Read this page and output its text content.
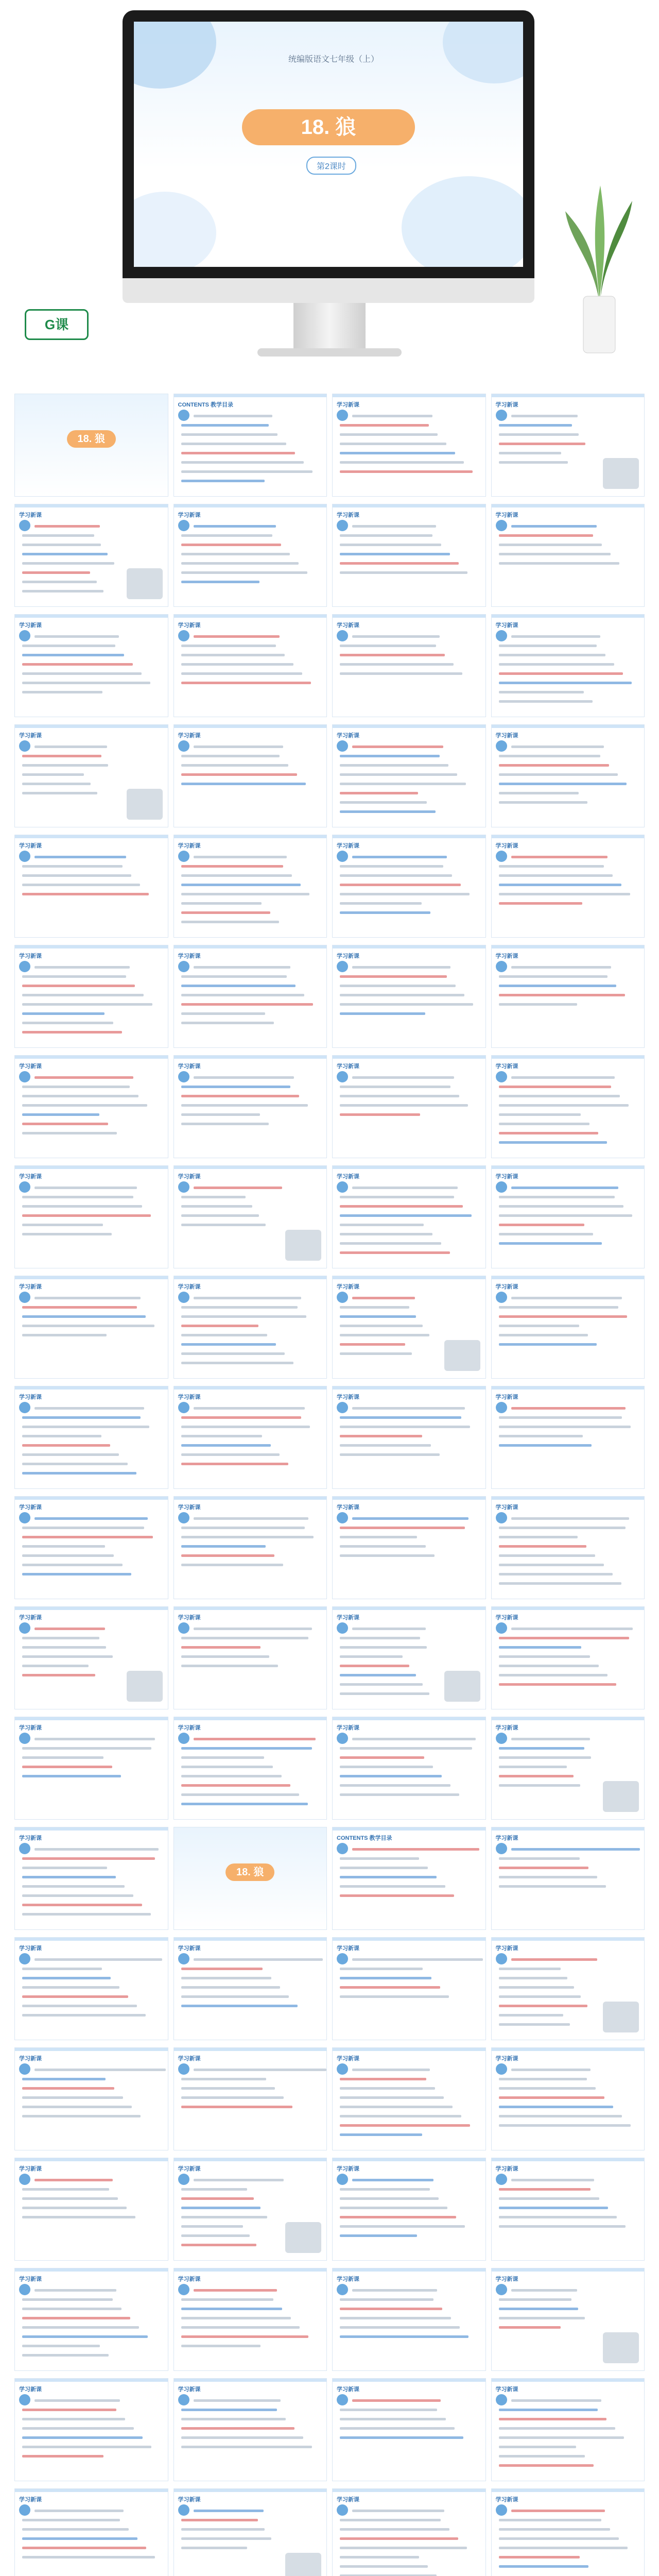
统编版语文七年级（上）
18. 狼
第2课时
G课
18. 狼
CONTENTS 教学目录	学习新课	学习新课
学习新课	学习新课	学习新课	学习新课
学习新课	学习新课	学习新课	学习新课
学习新课	学习新课	学习新课	学习新课
学习新课	学习新课	学习新课	学习新课
学习新课	学习新课	学习新课	学习新课
学习新课	学习新课	学习新课	学习新课
学习新课	学习新课	学习新课	学习新课
学习新课	学习新课	学习新课	学习新课
学习新课	学习新课	学习新课	学习新课
学习新课	学习新课	学习新课	学习新课
学习新课	学习新课	学习新课	学习新课
学习新课	学习新课	学习新课	学习新课
学习新课
18. 狼
CONTENTS 教学目录	学习新课
学习新课	学习新课	学习新课	学习新课
学习新课	学习新课	学习新课	学习新课
学习新课	学习新课	学习新课	学习新课
学习新课	学习新课	学习新课	学习新课
学习新课	学习新课	学习新课	学习新课
学习新课	学习新课	学习新课	学习新课
